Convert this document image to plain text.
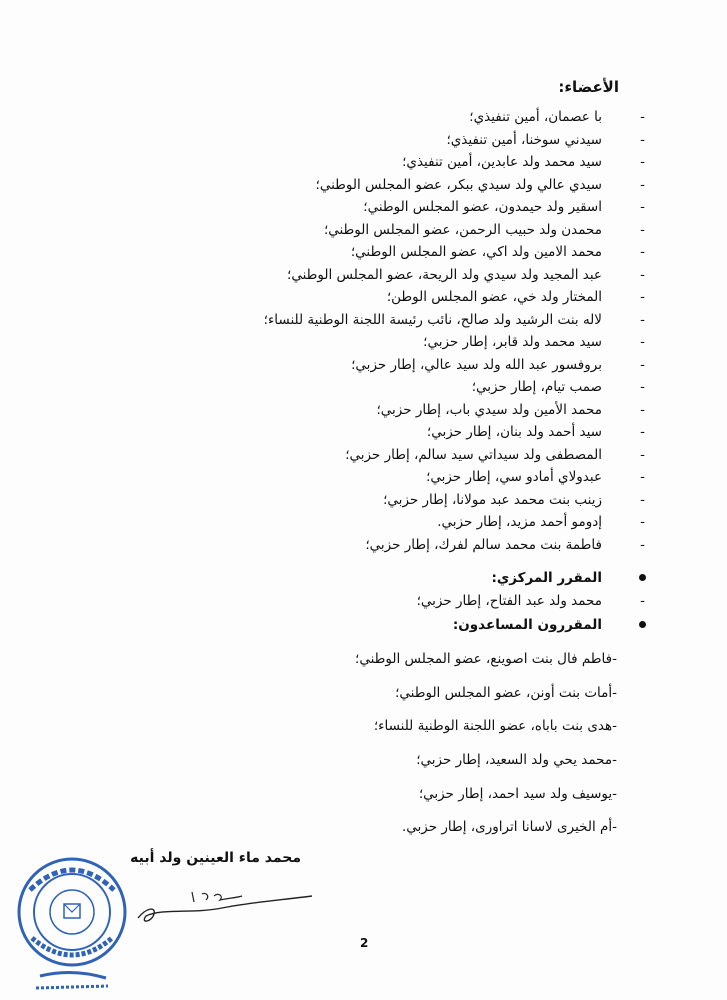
الأعضاء:
-
با عصمان، أمين تنفيذي؛
-
سيدني سوخنا، أمين تنفيذي؛
-
سيد محمد ولد عابدين، أمين تنفيذي؛
-
سيدي عالي ولد سيدي ببكر، عضو المجلس الوطني؛
-
اسقير ولد حيمدون، عضو المجلس الوطني؛
-
محمدن ولد حبيب الرحمن، عضو المجلس الوطني؛
-
محمد الامين ولد اكي، عضو المجلس الوطني؛
-
عبد المجيد ولد سيدي ولد الريحة، عضو المجلس الوطني؛
-
المختار ولد خي، عضو المجلس الوطن؛
-
لاله بنت الرشيد ولد صالح، نائب رئيسة اللجنة الوطنية للنساء؛
-
سيد محمد ولد قابر، إطار حزبي؛
-
بروفسور عبد الله ولد سيد عالي، إطار حزبي؛
-
صمب تيام، إطار حزبي؛
-
محمد الأمين ولد سيدي باب، إطار حزبي؛
-
سيد أحمد ولد بنان، إطار حزبي؛
-
المصطفى ولد سيداتي سيد سالم، إطار حزبي؛
-
عبدولاي أمادو سي، إطار حزبي؛
-
زينب بنت محمد عبد مولانا، إطار حزبي؛
-
إدومو أحمد مزيد، إطار حزبي.
-
فاطمة بنت محمد سالم لفرك، إطار حزبي؛
المقرر المركزي:
-
محمد ولد عبد الفتاح، إطار حزبي؛
المقررون المساعدون:
-فاطم فال بنت اصوينع، عضو المجلس الوطني؛
-أمات بنت أونن، عضو المجلس الوطني؛
-هدى بنت باباه، عضو اللجنة الوطنية للنساء؛
-محمد يحي ولد السعيد، إطار حزبي؛
-يوسيف ولد سيد احمد، إطار حزبي؛
-أم الخيرى لاسانا اتراورى، إطار حزبي.
محمد ماء العينين ولد أبيه
2
